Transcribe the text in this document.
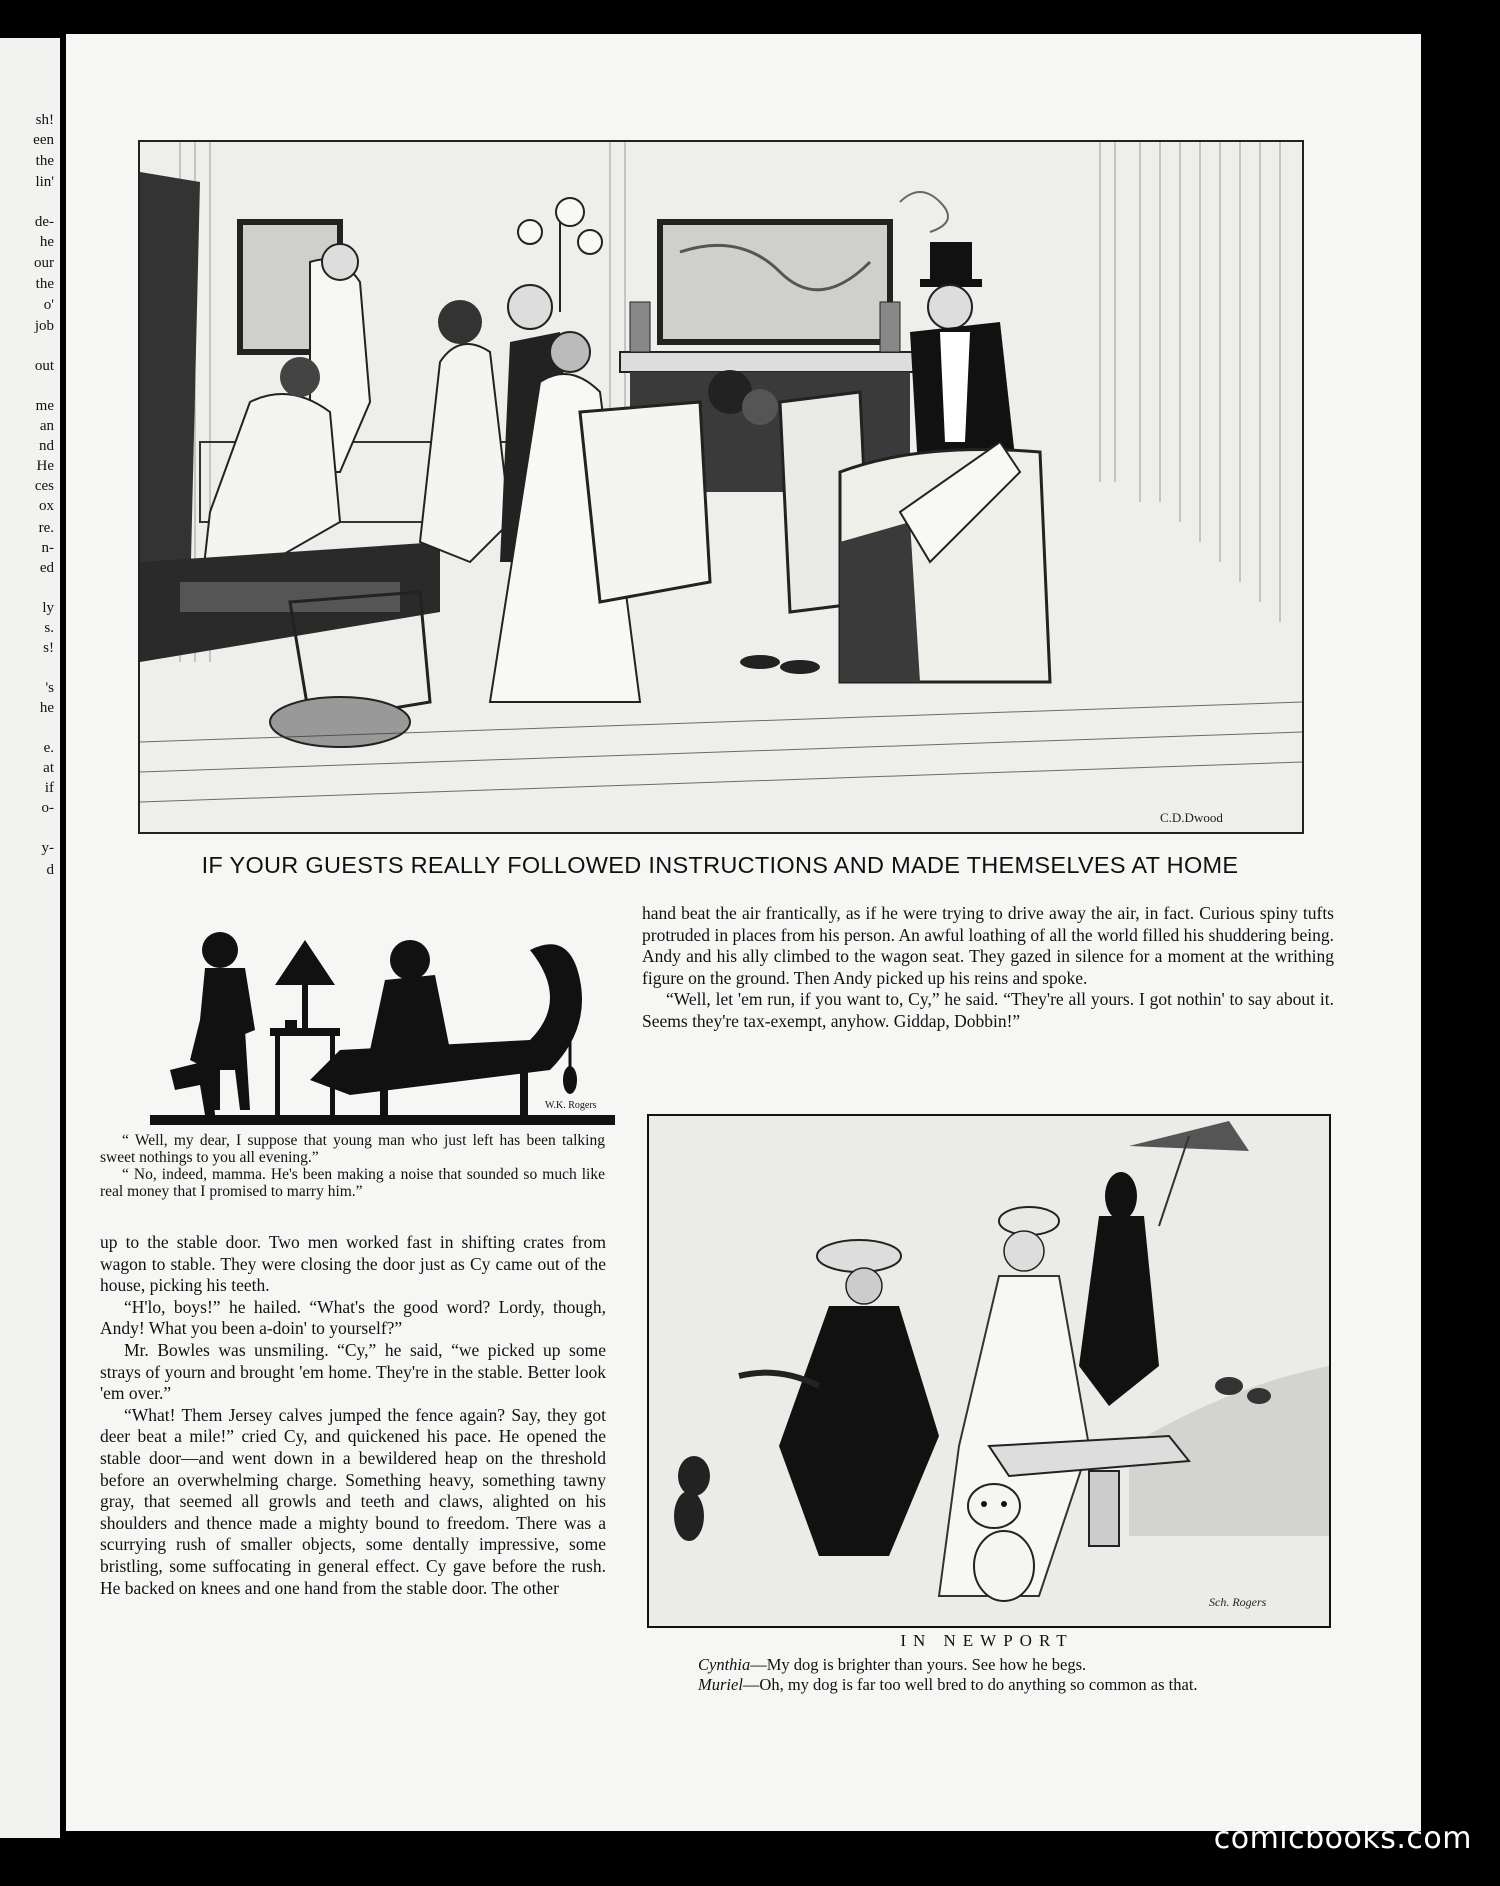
sh!
een
the
lin'
de-
he
our
the
o'
job
out
me
an
nd
He
ces
ox
re.
n-
ed
ly
s.
s!
's
he
e.
at
if
o-
y-
d
C.D.Dwood
IF YOUR GUESTS REALLY FOLLOWED INSTRUCTIONS AND MADE THEMSELVES AT HOME
W.K. Rogers

“ Well, my dear, I suppose that young man who just left has been talking sweet nothings to you all evening.”

“ No, indeed, mamma. He's been making a noise that sounded so much like real money that I promised to marry him.”

up to the stable door. Two men worked fast in shifting crates from wagon to stable. They were closing the door just as Cy came out of the house, picking his teeth.

“H'lo, boys!” he hailed. “What's the good word? Lordy, though, Andy! What you been a-doin' to yourself?”

Mr. Bowles was unsmiling. “Cy,” he said, “we picked up some strays of yourn and brought 'em home. They're in the stable. Better look 'em over.”

“What! Them Jersey calves jumped the fence again? Say, they got deer beat a mile!” cried Cy, and quickened his pace. He opened the stable door—and went down in a bewildered heap on the threshold before an overwhelming charge. Something heavy, something tawny gray, that seemed all growls and teeth and claws, alighted on his shoulders and thence made a mighty bound to freedom. There was a scurrying rush of smaller objects, some dentally impressive, some bristling, some suffocating in general effect. Cy gave before the rush. He backed on knees and one hand from the stable door. The other

hand beat the air frantically, as if he were trying to drive away the air, in fact. Curious spiny tufts protruded in places from his person. An awful loathing of all the world filled his shuddering being. Andy and his ally climbed to the wagon seat. They gazed in silence for a moment at the writhing figure on the ground. Then Andy picked up his reins and spoke.

“Well, let 'em run, if you want to, Cy,” he said. “They're all yours. I got nothin' to say about it. Seems they're tax-exempt, anyhow. Giddap, Dobbin!”

Sch. Rogers
IN NEWPORT

Cynthia—My dog is brighter than yours. See how he begs.

Muriel—Oh, my dog is far too well bred to do anything so common as that.

comicbooks.com
